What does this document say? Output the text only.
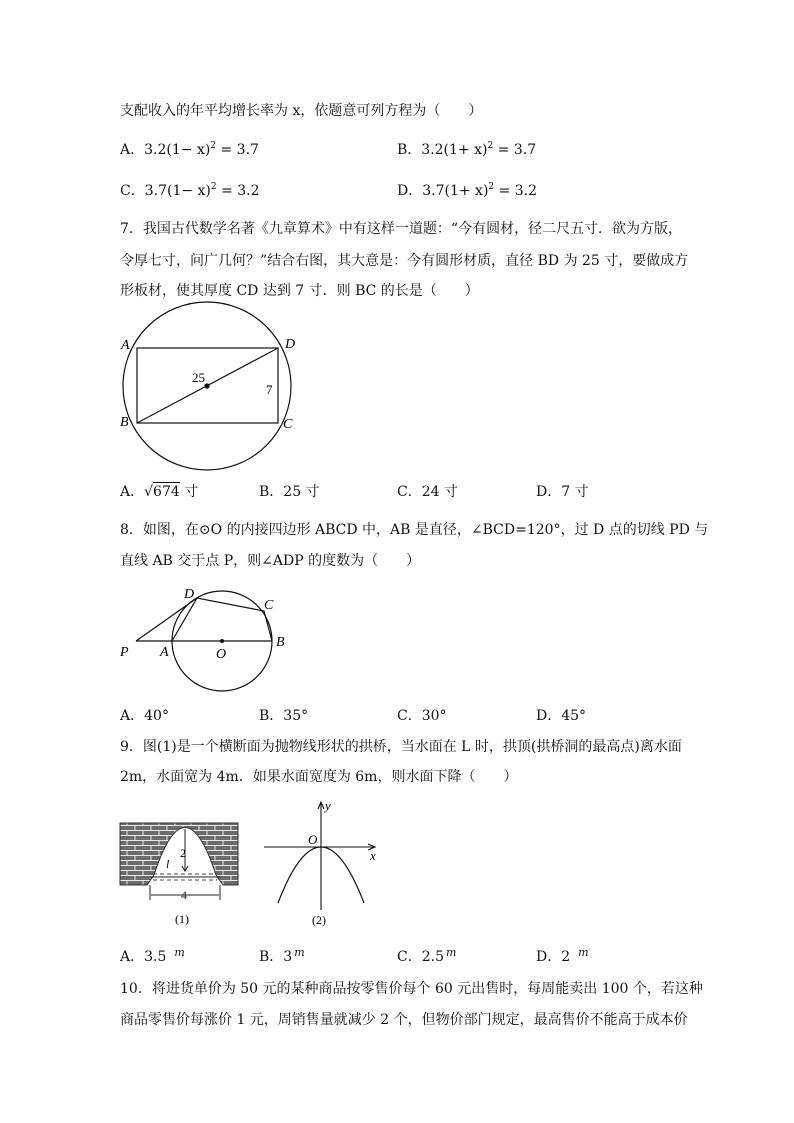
支配收入的年平均增长率为 x，依题意可列方程为（　　）
A．$3.2(1- x)^2 = 3.7$	B．$3.2(1+ x)^2 = 3.7$
C．$3.7(1- x)^2 = 3.2$	D．$3.7(1+ x)^2 = 3.2$
7．我国古代数学名著《九章算术》中有这样一道题：“今有圆材，径二尺五寸．欲为方版，
令厚七寸，问广几何？”结合右图，其大意是：今有圆形材质，直径 BD 为 25 寸，要做成方
形板材，使其厚度 CD 达到 7 寸．则 BC 的长是（　　）
A
B	C
D
25
7
A．√674 寸	B．25 寸	C．24 寸	D．7 寸
8．如图，在⊙O 的内接四边形 ABCD 中，AB 是直径，∠BCD=120°，过 D 点的切线 PD 与
直线 AB 交于点 P，则∠ADP 的度数为（　　）
P A	O
B
C
D
A．40°	B．35°	C．30°	D．45°
9．图(1)是一个横断面为抛物线形状的拱桥，当水面在 L 时，拱顶(拱桥洞的最高点)离水面
2m，水面宽为 4m．如果水面宽度为 6m，则水面下降（　　）
2
l
4
(1)
x
y
O
(2)
A．3.5 $^m$	B．3 $^m$	C．2.5 $^m$	D．2 $^m$
10．将进货单价为 50 元的某种商品按零售价每个 60 元出售时，每周能卖出 100 个，若这种
商品零售价每涨价 1 元，周销售量就减少 2 个，但物价部门规定，最高售价不能高于成本价
